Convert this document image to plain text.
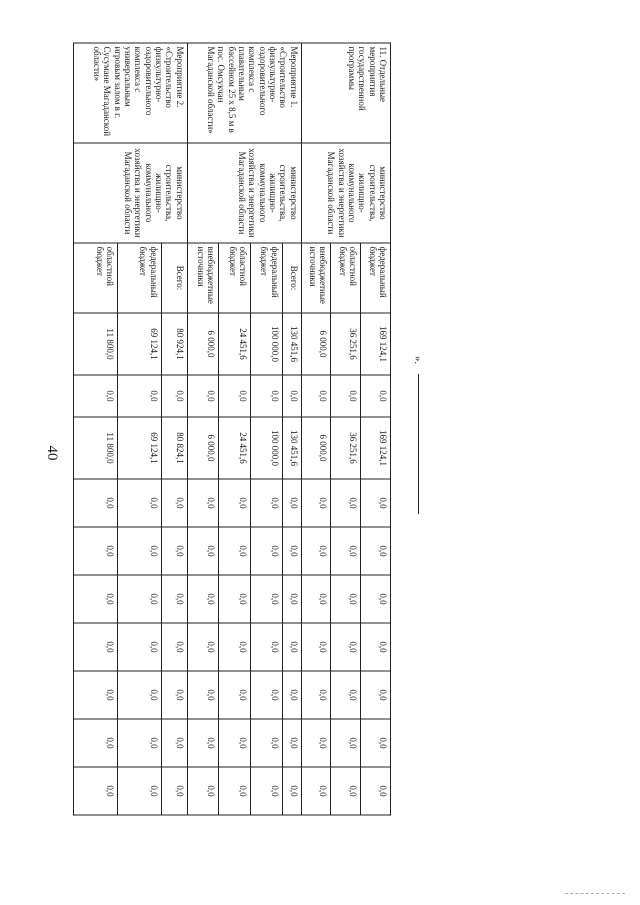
40
11. Отдельные мероприятия государственной программы	министерство строительства, жилищно-коммунального хозяйства и энергетики Магаданской области	федеральный бюджет	169 124,1	0,0	169 124,1	0,0	0,0	0,0	0,0	0,0	0,0	0,0
		областной бюджет	36 251,6	0,0	36 251,6	0,0	0,0	0,0	0,0	0,0	0,0	0,0
		внебюджетные источники	6 000,0	0,0	6 000,0	0,0	0,0	0,0	0,0	0,0	0,0	0,0
Мероприятие 1. «Строительство физкультурно-оздоровительного комплекса с плавательным бассейном 25 х 8,5 м в пос. Омсукчан Магаданской области»	министерство строительства, жилищно-коммунального хозяйства и энергетики Магаданской области	Всего:	130 451,6	0,0	130 451,6	0,0	0,0	0,0	0,0	0,0	0,0	0,0
		федеральный бюджет	100 000,0	0,0	100 000,0	0,0	0,0	0,0	0,0	0,0	0,0	0,0
		областной бюджет	24 451,6	0,0	24 451,6	0,0	0,0	0,0	0,0	0,0	0,0	0,0
		внебюджетные источники	6 000,0	0,0	6 000,0	0,0	0,0	0,0	0,0	0,0	0,0	0,0
Мероприятие 2. «Строительство физкультурно-оздоровительного комплекса с универсальным игровым залом в г. Сусумане Магаданской области»	министерство строительства, жилищно-коммунального хозяйства и энергетики Магаданской области	Всего:	80 924,1	0,0	80 824,1	0,0	0,0	0,0	0,0	0,0	0,0	0,0
		федеральный бюджет	69 124,1	0,0	69 124,1	0,0	0,0	0,0	0,0	0,0	0,0	0,0
		областной бюджет	11 800,0	0,0	11 800,0	0,0	0,0	0,0	0,0	0,0	0,0	0,0
».
